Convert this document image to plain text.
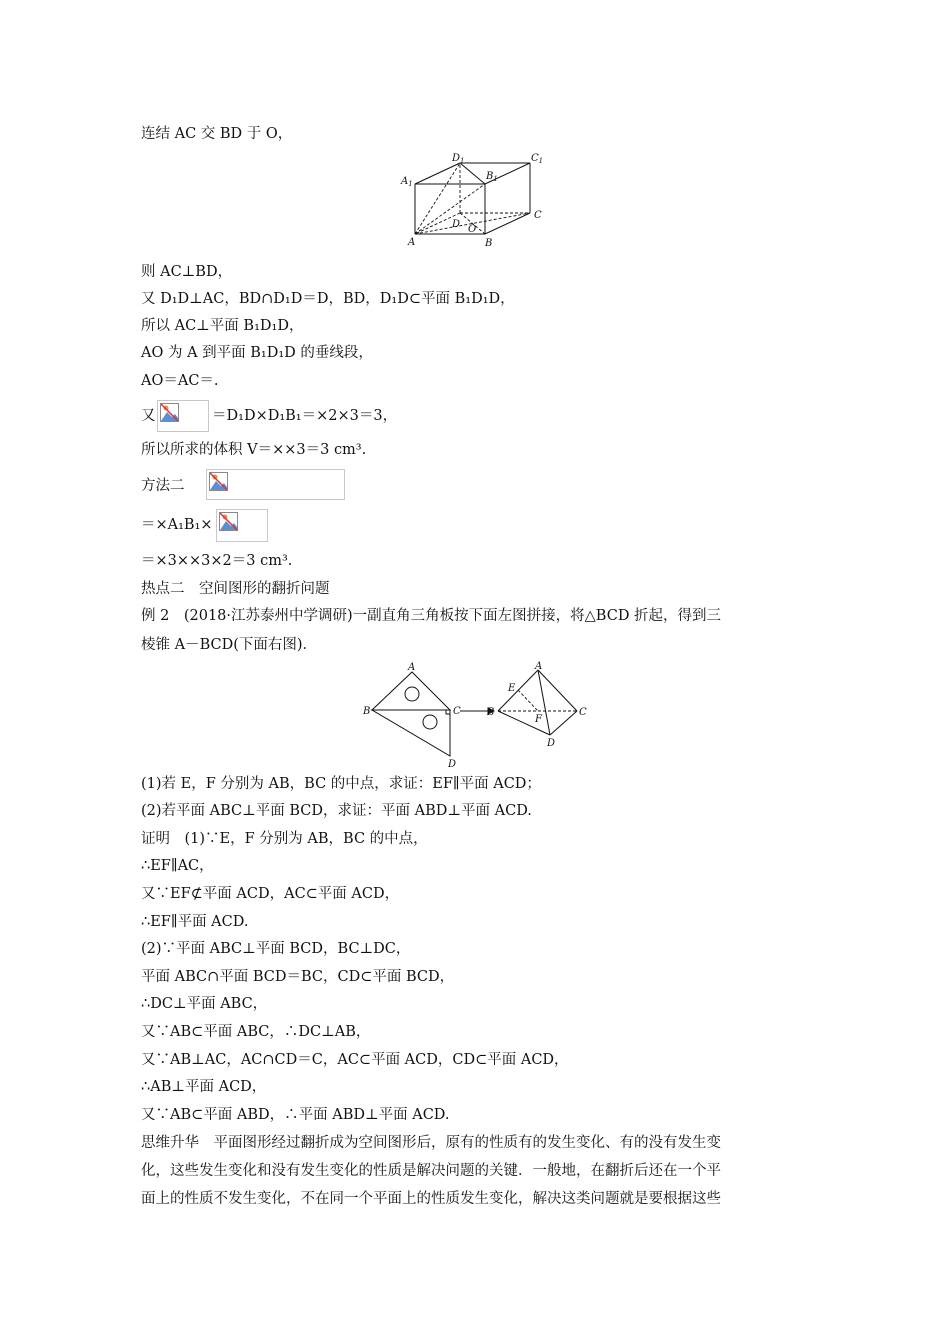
连结 AC 交 BD 于 O，
A	B
C
D O
$A_1$
$B_1$
$C_1$
$D_1$
则 AC⊥BD，
又 D₁D⊥AC，BD∩D₁D＝D，BD，D₁D⊂平面 B₁D₁D，
所以 AC⊥平面 B₁D₁D，
AO 为 A 到平面 B₁D₁D 的垂线段，
AO＝AC＝.
又	＝D₁D×D₁B₁＝×2×3＝3，
所以所求的体积 V＝××3＝3 cm³.
方法二
＝×A₁B₁×
＝×3××3×2＝3 cm³.
热点二　空间图形的翻折问题
例 2　(2018·江苏泰州中学调研)一副直角三角板按下面左图拼接，将△BCD 折起，得到三
棱锥 A－BCD(下面右图)．
A
B	C
D
A
B	C
D
E
F
(1)若 E，F 分别为 AB，BC 的中点，求证：EF∥平面 ACD；
(2)若平面 ABC⊥平面 BCD，求证：平面 ABD⊥平面 ACD.
证明　(1)∵E，F 分别为 AB，BC 的中点，
∴EF∥AC，
又∵EF⊄平面 ACD，AC⊂平面 ACD，
∴EF∥平面 ACD.
(2)∵平面 ABC⊥平面 BCD，BC⊥DC，
平面 ABC∩平面 BCD＝BC，CD⊂平面 BCD，
∴DC⊥平面 ABC，
又∵AB⊂平面 ABC，∴DC⊥AB，
又∵AB⊥AC，AC∩CD＝C，AC⊂平面 ACD，CD⊂平面 ACD，
∴AB⊥平面 ACD，
又∵AB⊂平面 ABD，∴平面 ABD⊥平面 ACD.
思维升华　平面图形经过翻折成为空间图形后，原有的性质有的发生变化、有的没有发生变
化，这些发生变化和没有发生变化的性质是解决问题的关键．一般地，在翻折后还在一个平
面上的性质不发生变化，不在同一个平面上的性质发生变化，解决这类问题就是要根据这些
